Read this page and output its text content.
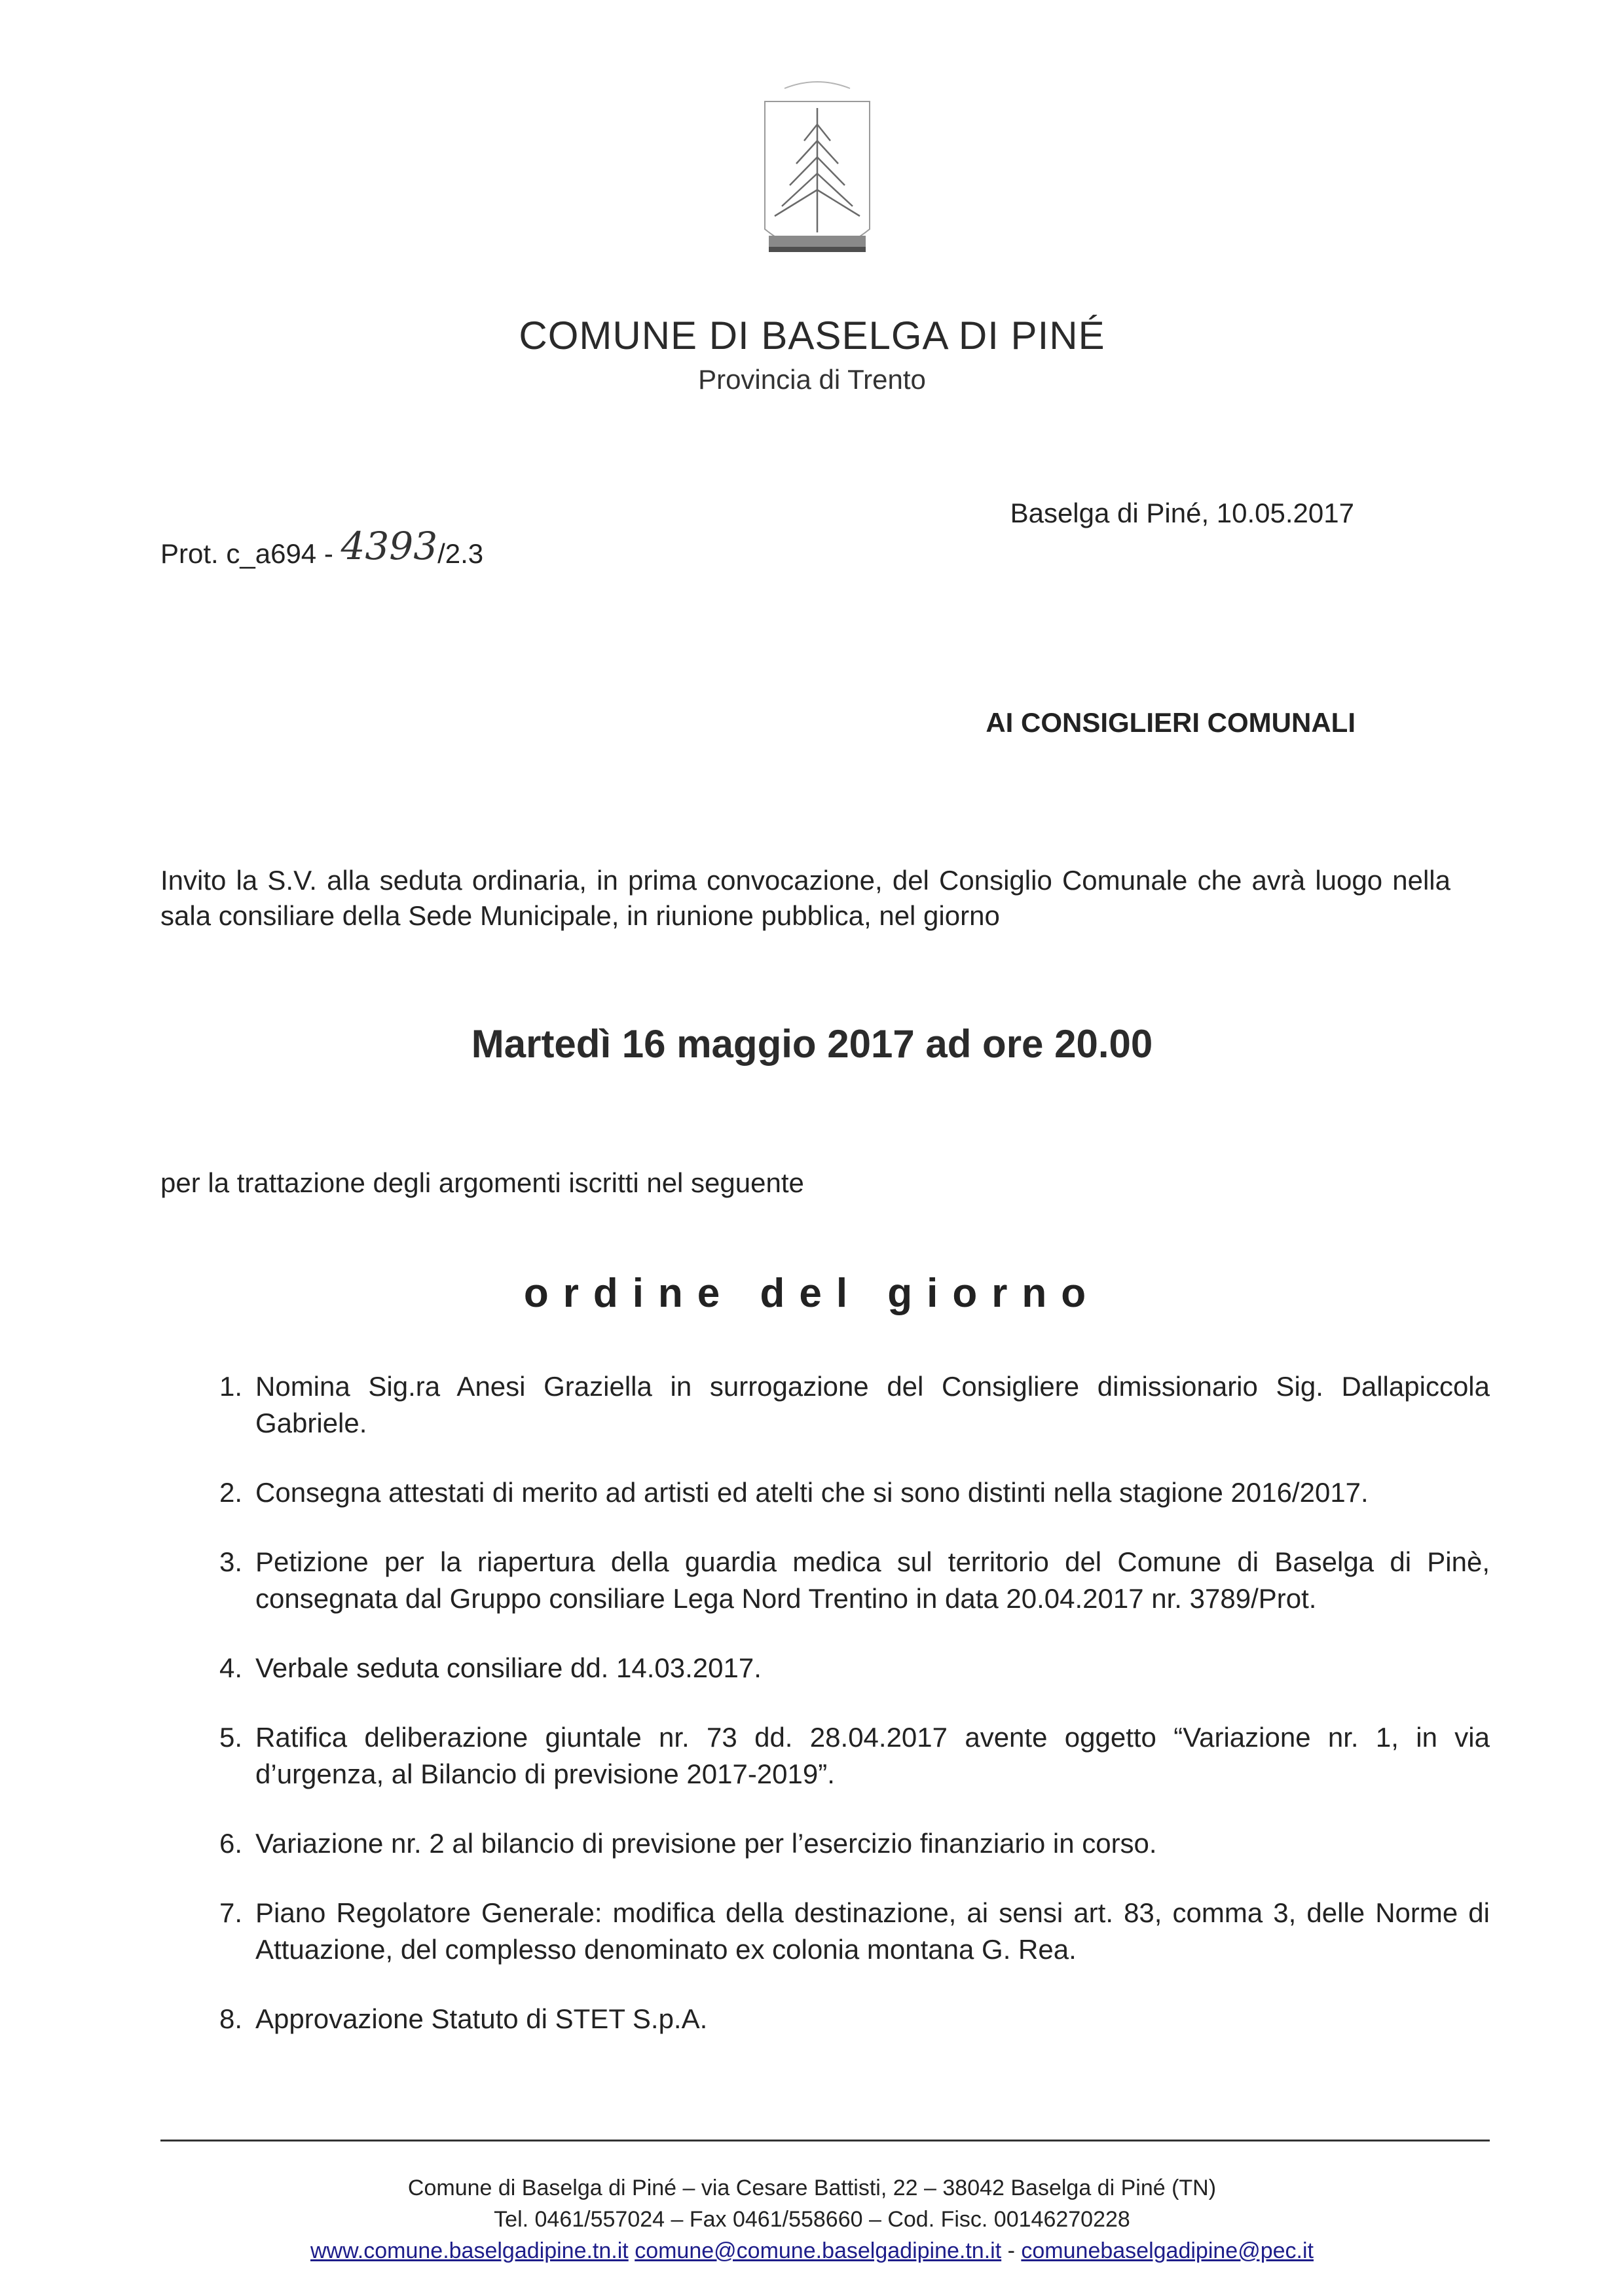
COMUNE DI BASELGA DI PINÉ
Provincia di Trento
Prot. c_a694 - 4393/2.3
Baselga di Piné, 10.05.2017
AI CONSIGLIERI COMUNALI

Invito la S.V. alla seduta ordinaria, in prima convocazione, del Consiglio Comunale che avrà luogo nella sala consiliare della Sede Municipale, in riunione pubblica, nel giorno

Martedì 16 maggio 2017 ad ore 20.00
per la trattazione degli argomenti iscritti nel seguente
ordine del giorno
1. Nomina Sig.ra Anesi Graziella in surrogazione del Consigliere dimissionario Sig. Dallapiccola Gabriele.
2. Consegna attestati di merito ad artisti ed atelti che si sono distinti nella stagione 2016/2017.
3. Petizione per la riapertura della guardia medica sul territorio del Comune di Baselga di Pinè, consegnata dal Gruppo consiliare Lega Nord Trentino in data 20.04.2017 nr. 3789/Prot.
4. Verbale seduta consiliare dd. 14.03.2017.
5. Ratifica deliberazione giuntale nr. 73 dd. 28.04.2017 avente oggetto “Variazione nr. 1, in via d’urgenza, al Bilancio di previsione 2017-2019”.
6. Variazione nr. 2 al bilancio di previsione per l’esercizio finanziario in corso.
7. Piano Regolatore Generale: modifica della destinazione, ai sensi art. 83, comma 3, delle Norme di Attuazione, del complesso denominato ex colonia montana G. Rea.
8. Approvazione Statuto di STET S.p.A.
Comune di Baselga di Piné – via Cesare Battisti, 22 – 38042 Baselga di Piné (TN)
Tel. 0461/557024 – Fax 0461/558660 – Cod. Fisc. 00146270228
www.comune.baselgadipine.tn.it comune@comune.baselgadipine.tn.it - comunebaselgadipine@pec.it
